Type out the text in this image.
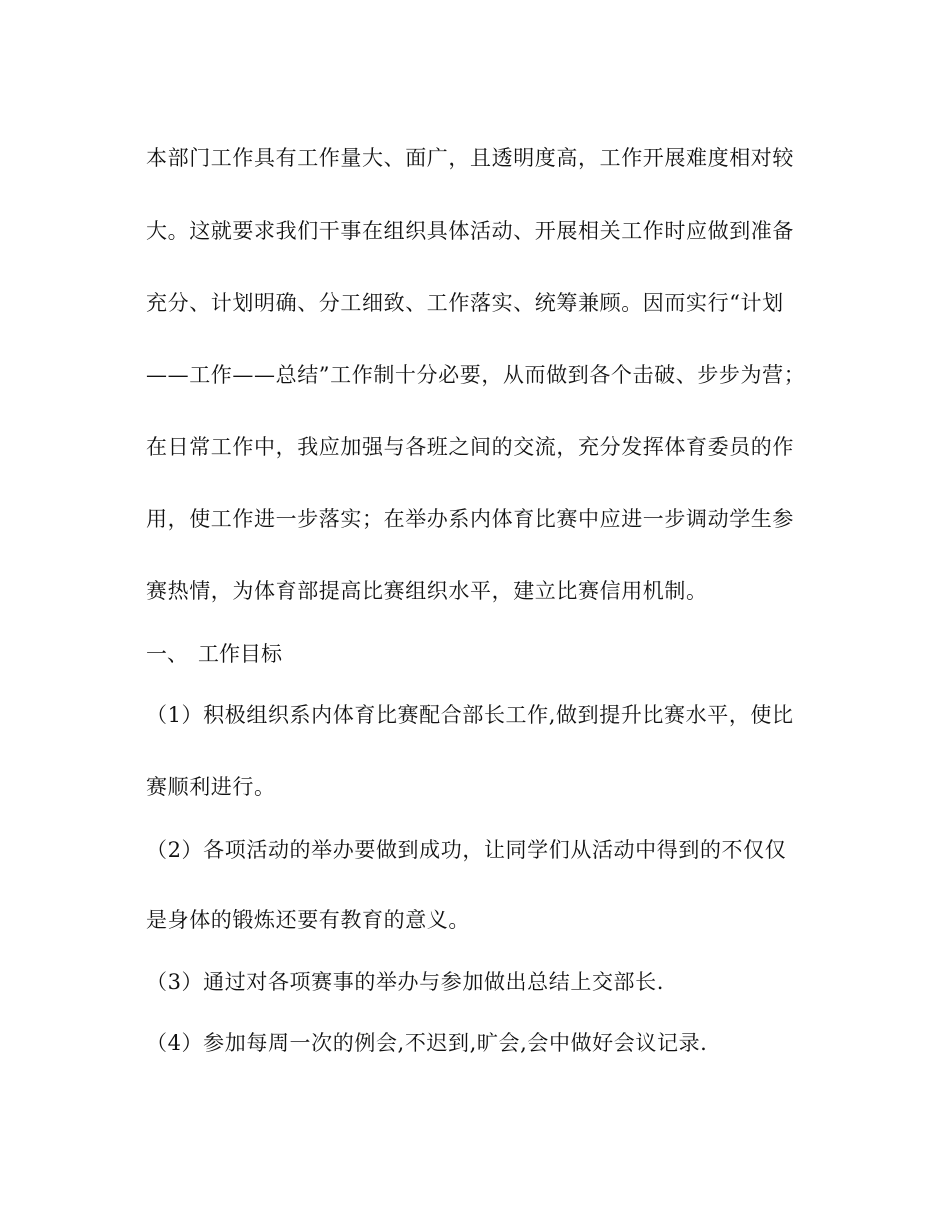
本部门工作具有工作量大、面广，且透明度高，工作开展难度相对较
大。这就要求我们干事在组织具体活动、开展相关工作时应做到准备
充分、计划明确、分工细致、工作落实、统筹兼顾。因而实行“计划
——工作——总结”工作制十分必要，从而做到各个击破、步步为营；
在日常工作中，我应加强与各班之间的交流，充分发挥体育委员的作
用，使工作进一步落实；在举办系内体育比赛中应进一步调动学生参
赛热情，为体育部提高比赛组织水平，建立比赛信用机制。
一、 工作目标
（1）积极组织系内体育比赛配合部长工作,做到提升比赛水平，使比
赛顺利进行。
（2）各项活动的举办要做到成功，让同学们从活动中得到的不仅仅
是身体的锻炼还要有教育的意义。
（3）通过对各项赛事的举办与参加做出总结上交部长.
（4）参加每周一次的例会,不迟到,旷会,会中做好会议记录.
